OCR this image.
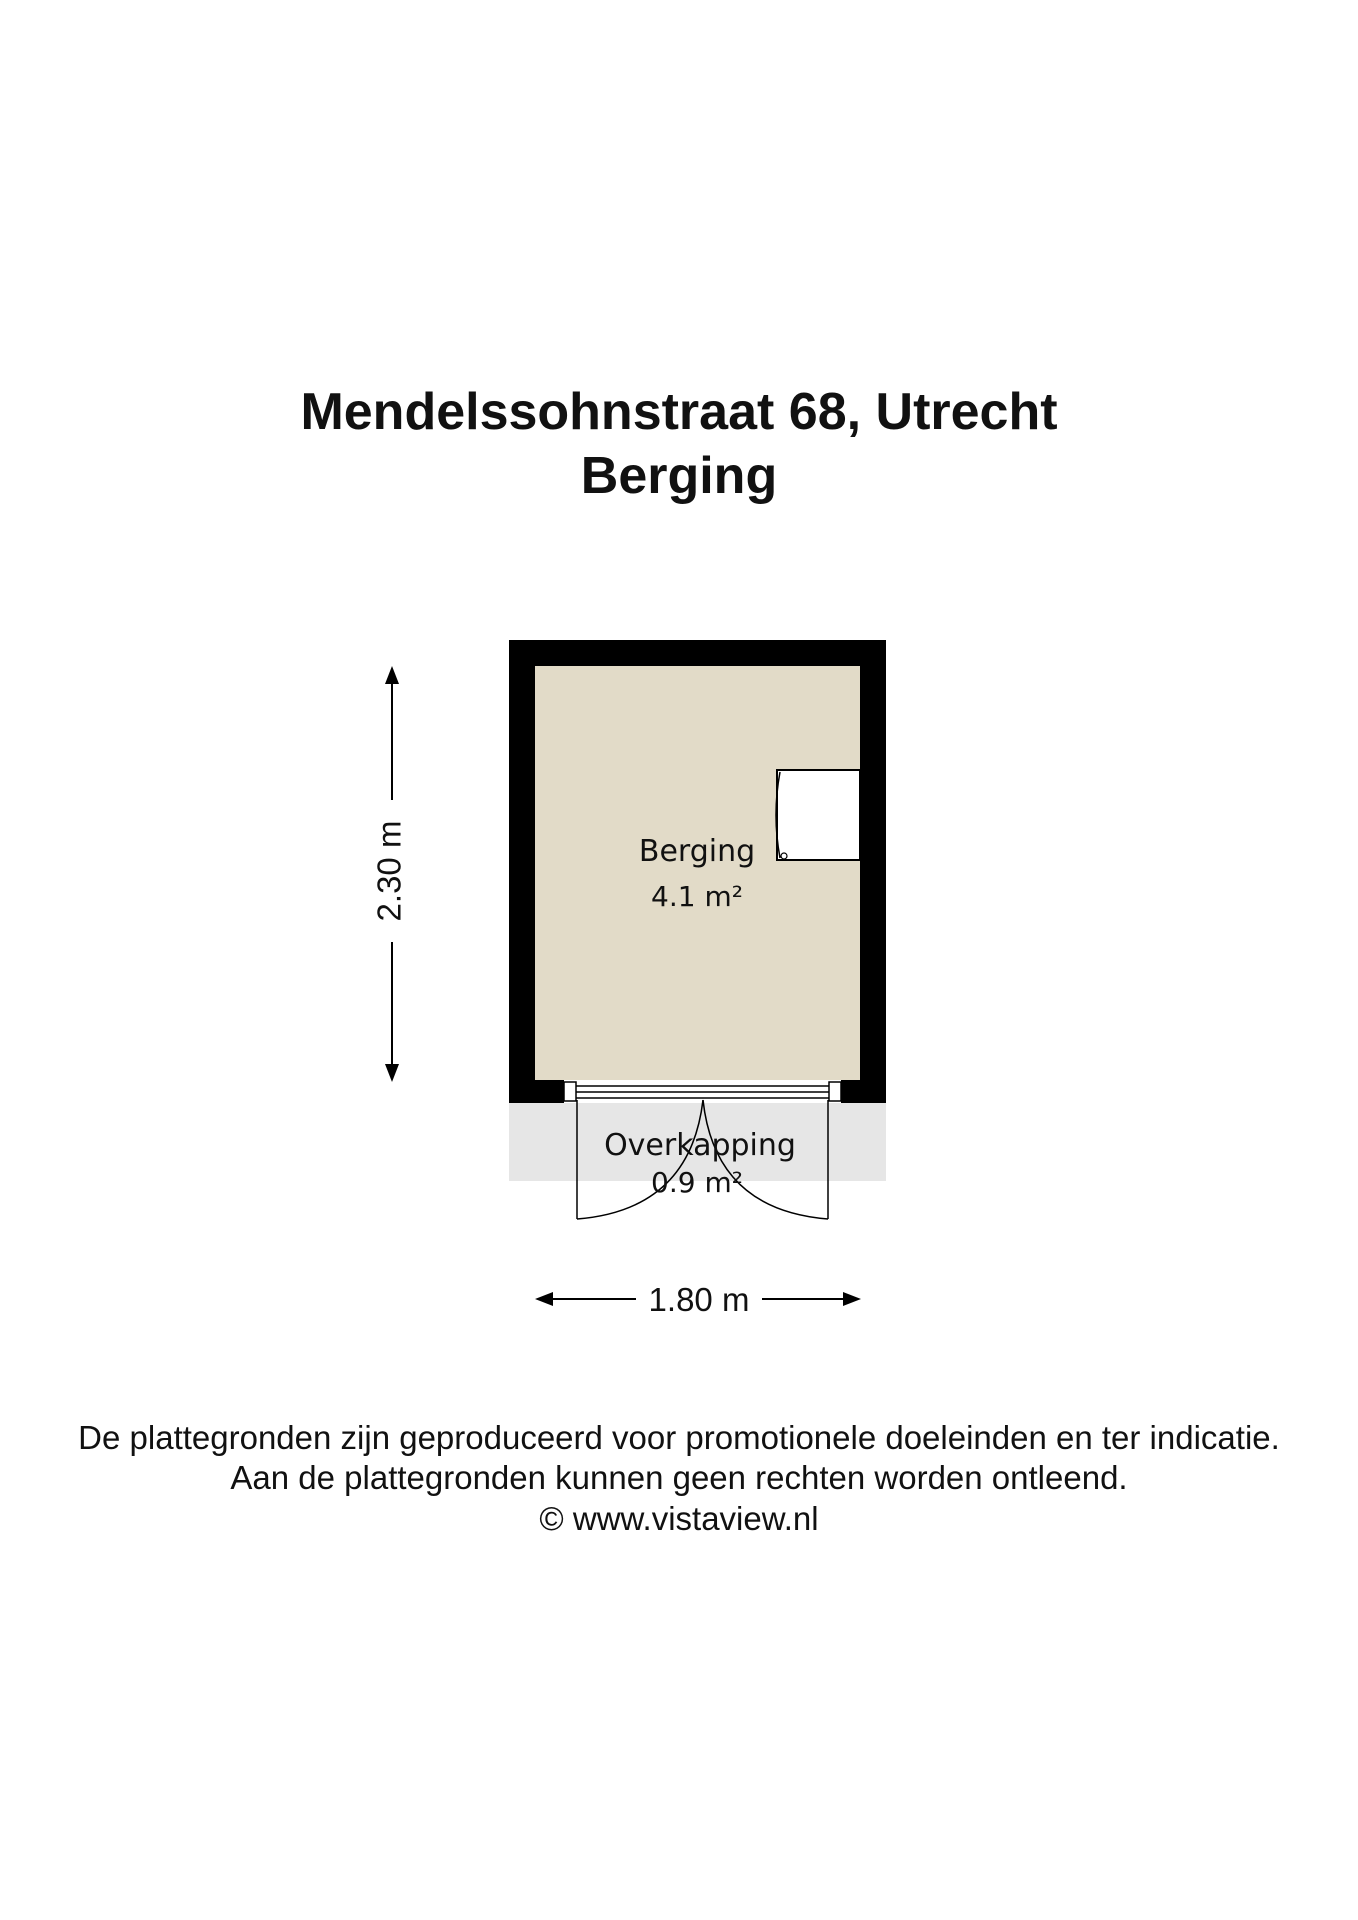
Mendelssohnstraat 68, Utrecht
Berging
Berging
4.1 m²
Overkapping
0.9 m²
2.30 m
1.80 m
De plattegronden zijn geproduceerd voor promotionele doeleinden en ter indicatie.
Aan de plattegronden kunnen geen rechten worden ontleend.
© www.vistaview.nl
